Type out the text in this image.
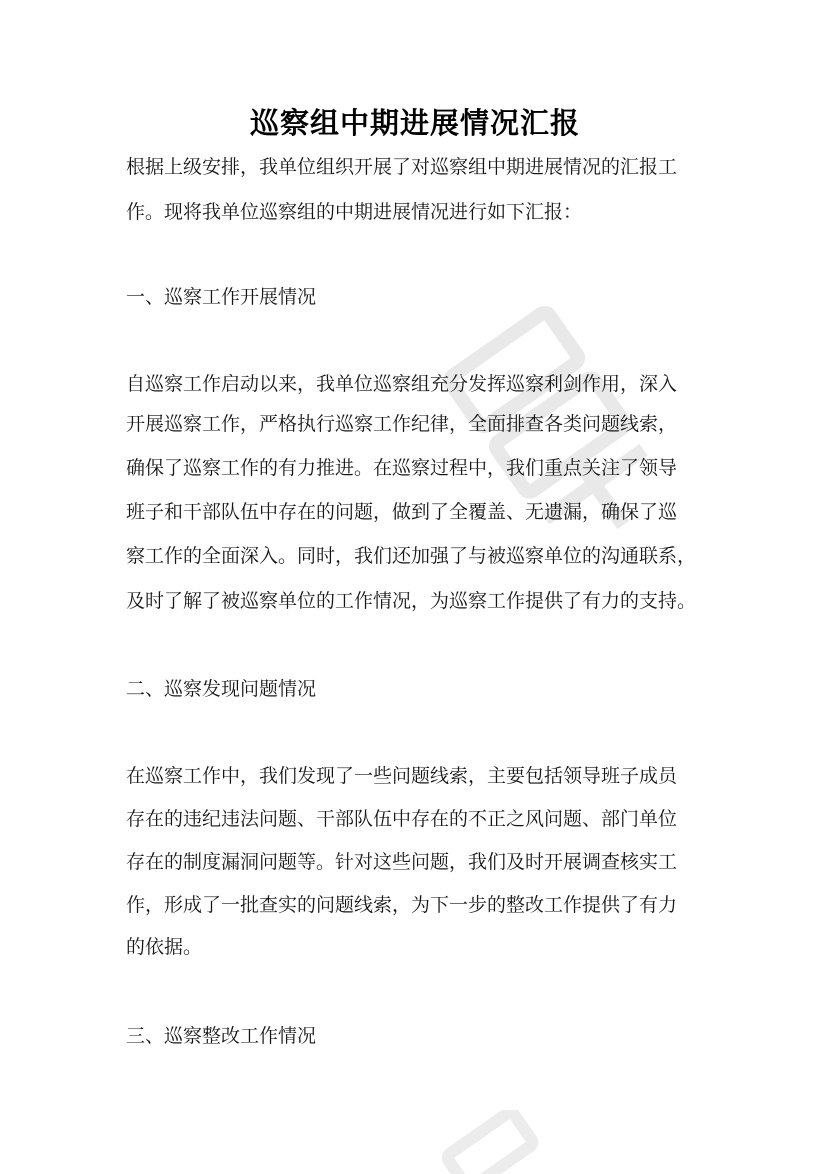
巡察组中期进展情况汇报
根据上级安排，我单位组织开展了对巡察组中期进展情况的汇报工
作。现将我单位巡察组的中期进展情况进行如下汇报：
一、巡察工作开展情况
自巡察工作启动以来，我单位巡察组充分发挥巡察利剑作用，深入
开展巡察工作，严格执行巡察工作纪律，全面排查各类问题线索，
确保了巡察工作的有力推进。在巡察过程中，我们重点关注了领导
班子和干部队伍中存在的问题，做到了全覆盖、无遗漏，确保了巡
察工作的全面深入。同时，我们还加强了与被巡察单位的沟通联系，
及时了解了被巡察单位的工作情况，为巡察工作提供了有力的支持。
二、巡察发现问题情况
在巡察工作中，我们发现了一些问题线索，主要包括领导班子成员
存在的违纪违法问题、干部队伍中存在的不正之风问题、部门单位
存在的制度漏洞问题等。针对这些问题，我们及时开展调查核实工
作，形成了一批查实的问题线索，为下一步的整改工作提供了有力
的依据。
三、巡察整改工作情况
